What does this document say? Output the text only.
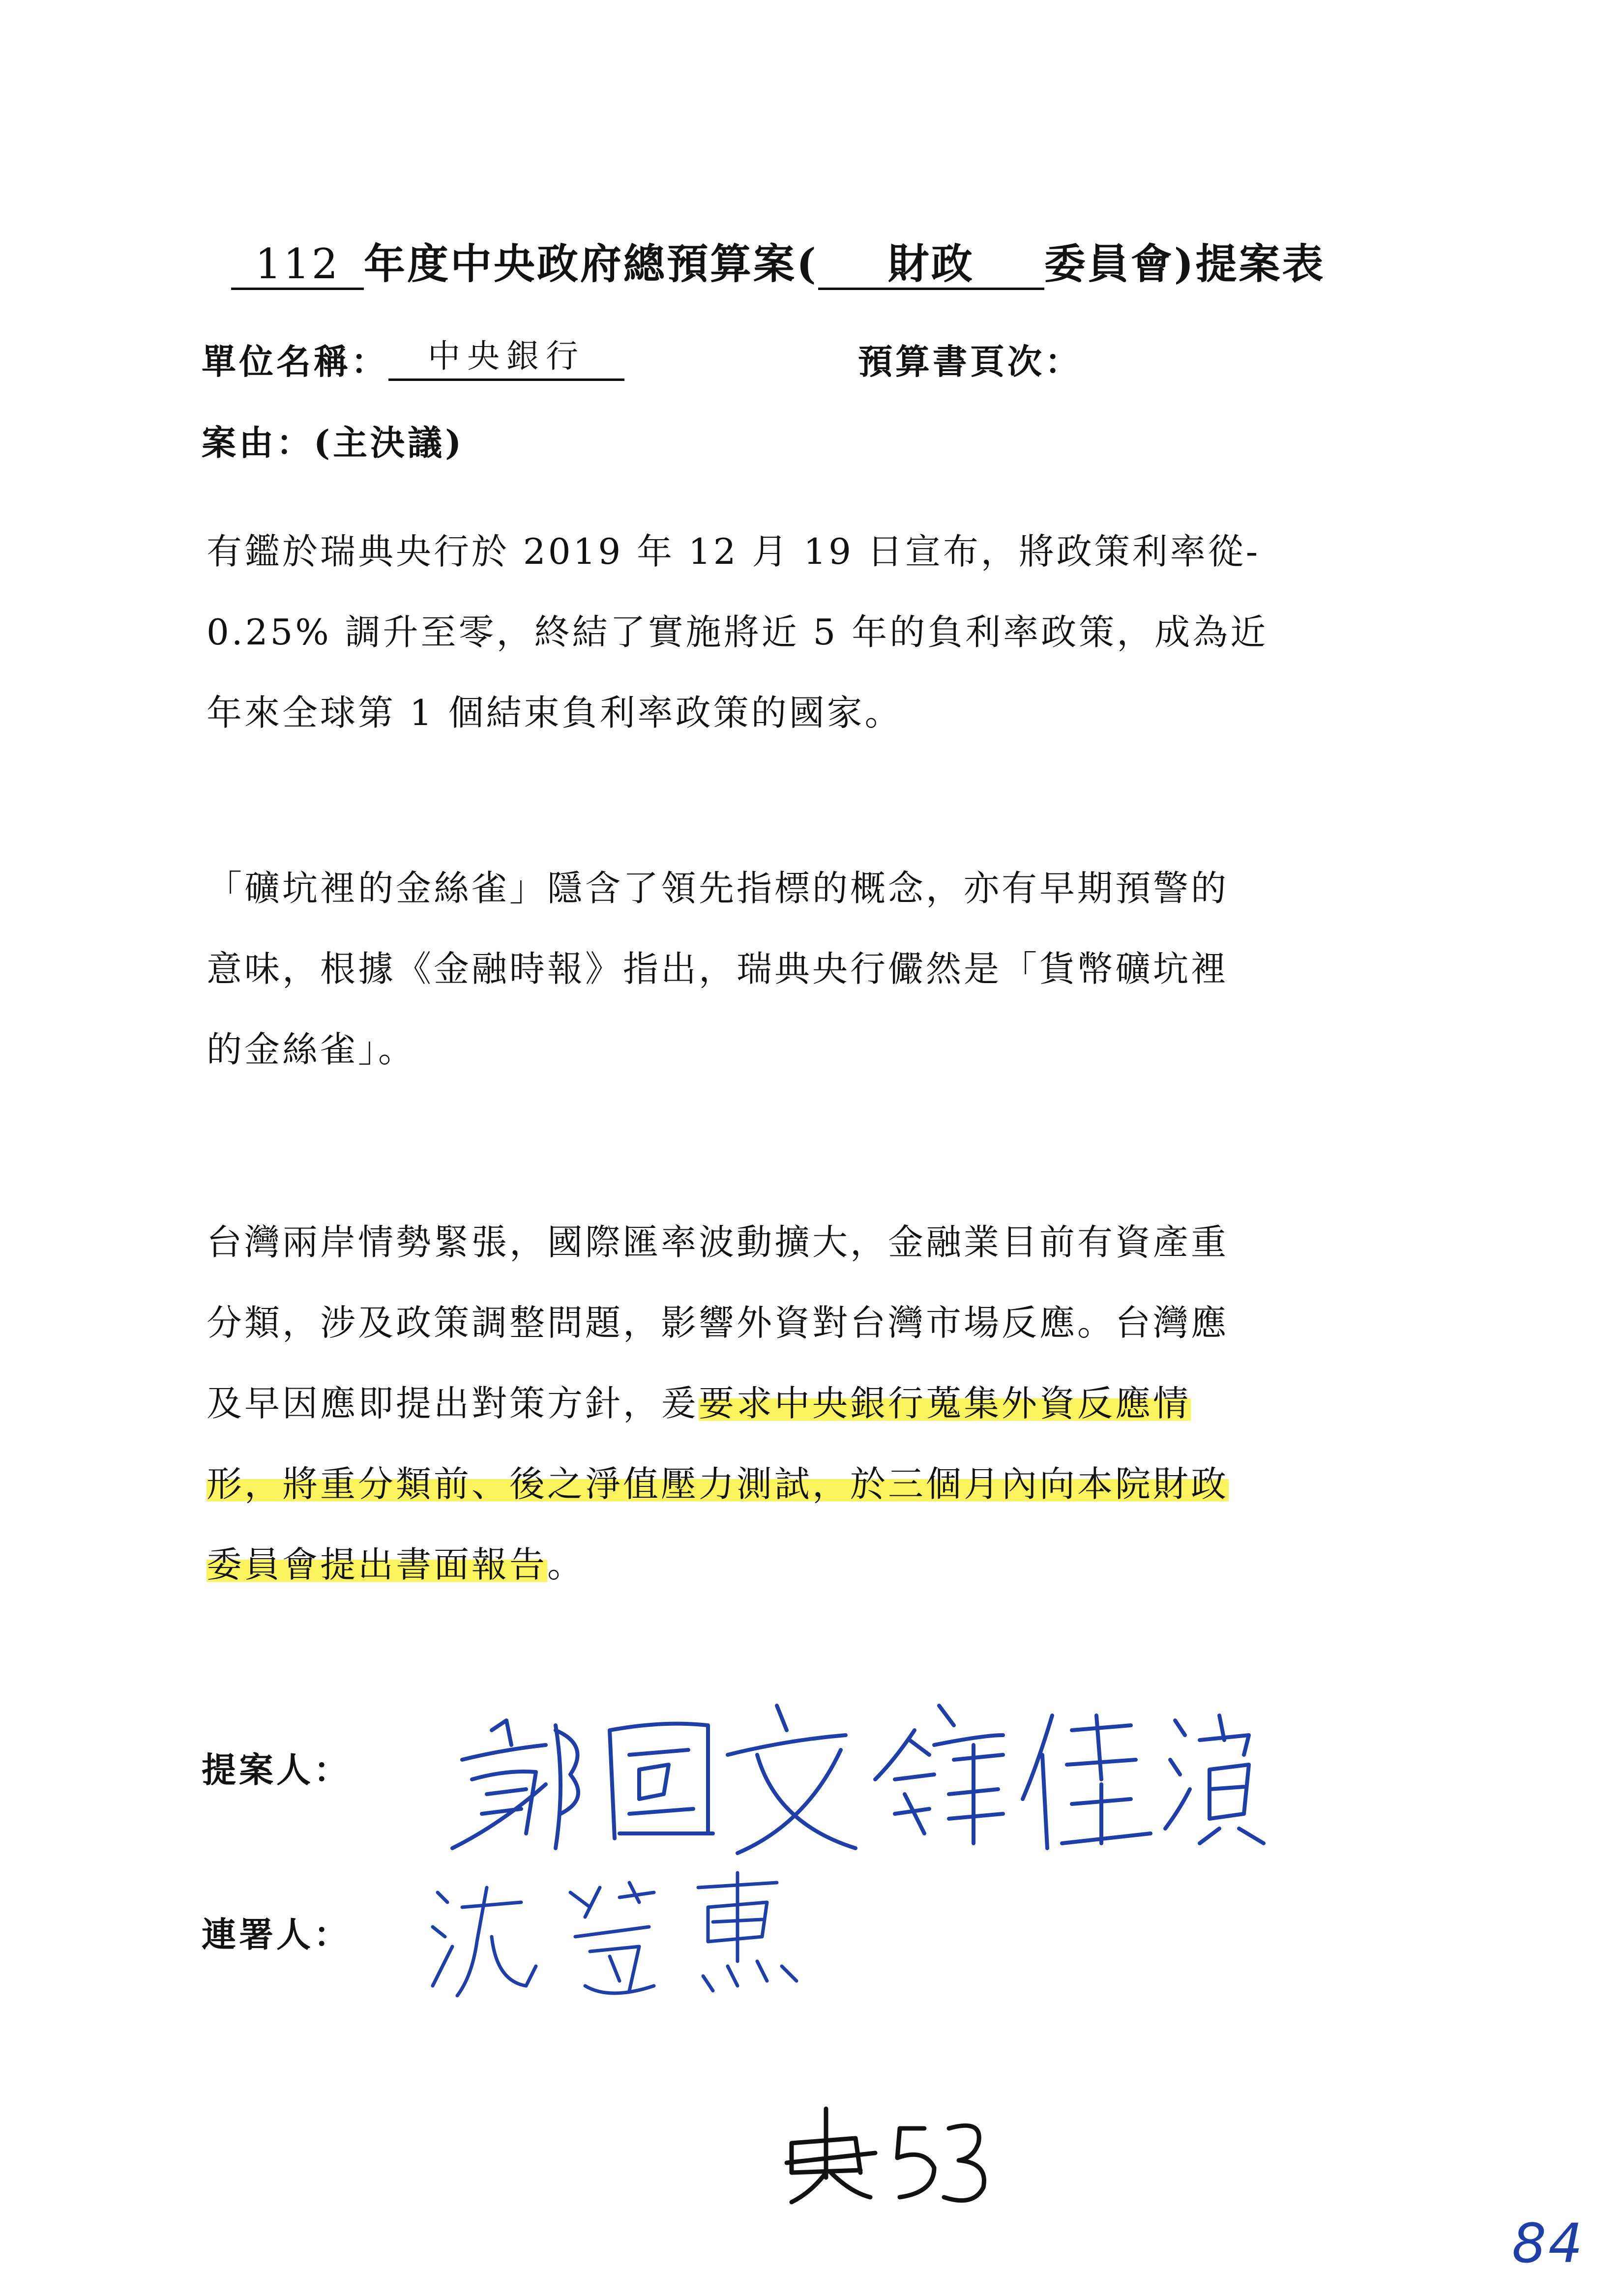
112 年度中央政府總預算案( 財政 委員會)提案表
單位名稱：	中央銀行	預算書頁次：
案由：(主決議)

有鑑於瑞典央行於 2019 年 12 月 19 日宣布，將政策利率從-

0.25% 調升至零，終結了實施將近 5 年的負利率政策，成為近

年來全球第 1 個結束負利率政策的國家。

「礦坑裡的金絲雀」隱含了領先指標的概念，亦有早期預警的

意味，根據《金融時報》指出，瑞典央行儼然是「貨幣礦坑裡

的金絲雀」。

台灣兩岸情勢緊張，國際匯率波動擴大，金融業目前有資產重

分類，涉及政策調整問題，影響外資對台灣市場反應。台灣應

及早因應即提出對策方針，爰要求中央銀行蒐集外資反應情

形，將重分類前、後之淨值壓力測試，於三個月內向本院財政

委員會提出書面報告。

提案人：
連署人：
84
